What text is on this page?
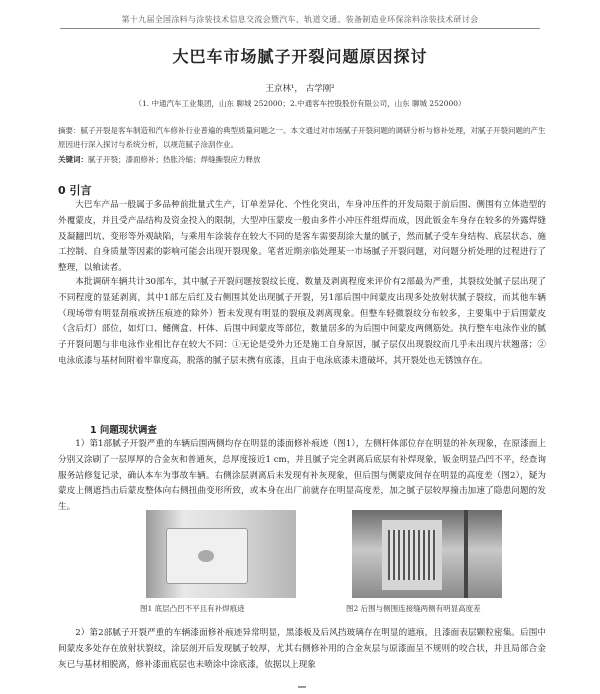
第十九届全国涂料与涂装技术信息交流会暨汽车、轨道交通、装备制造业环保涂料涂装技术研讨会
大巴车市场腻子开裂问题原因探讨
王京林¹， 古学刚²
（1. 中通汽车工业集团，山东 聊城 252000；2.中通客车控股股份有限公司，山东 聊城 252000）
摘要：腻子开裂是客车制造和汽车修补行业普遍的典型质量问题之一。本文通过对市场腻子开裂问题的调研分析与修补处理，对腻子开裂问题的产生原因进行深入探讨与系统分析，以规范腻子涂刮作业。
关键词：腻子开裂；漆面修补；热胀冷缩；焊缝撕裂应力释放
0 引言
大巴车产品一般属于多品种前批量式生产，订单差异化、个性化突出，车身冲压件的开发局限于前后围、侧围有立体造型的外覆蒙皮，并且受产品结构及资金投入的限制，大型冲压蒙皮一般由多件小冲压件组焊而成，因此钣金车身存在较多的外露焊缝及凝翻凹坑、变形等外观缺陷，与乘用车涂装存在较大不同的是客车需要刮涂大量的腻子，然而腻子受车身结构、底层状态、施工控制、自身质量等因素的影响可能会出现开裂现象。笔者近期亲临处理某一市场腻子开裂问题，对问题分析处理的过程进行了整理，以飨读者。
本批调研车辆共计30部车，其中腻子开裂问题按裂纹长度、数量及剥离程度来评价有2部最为严重，其裂纹处腻子层出现了不同程度的显延剥离，其中1部左后红及右侧围其处出现腻子开裂，另1部后围中间蒙皮出现多处放射状腻子裂纹，而其他车辆（现场带有明显刮痕或挤压痕迹的除外）暂未发现有明显的裂痕及剥离现象。但整车轻微裂纹分布较多，主要集中于后围蒙皮（含后灯）部位，如灯口、鳍侧盒、杆体、后围中间蒙皮等部位，数量居多的为后围中间蒙皮两侧筋处。执行整车电泳作业的腻子开裂问题与非电泳作业相比存在较大不同：①无论是受外力还是施工自身原因，腻子层仅出现裂纹而几乎未出现片状翘落；②电泳底漆与基材间附着牢靠度高，脱落的腻子层未携有底漆，且由于电泳底漆未遗破坏，其开裂处也无锈蚀存在。
1 问题现状调查
1）第1部腻子开裂严重的车辆后围两侧均存在明显的漆面修补痕迹（图1），左侧杆体部位存在明显的补灰现象，在原漆面上分别又涂刷了一层厚厚的合金灰和普通灰，总厚度接近1 cm，并且腻子完全剥离后底层有补焊现象，钣金明显凸凹不平，经查询服务站修复记录，确认本车为事故车辆。右侧涂层剥离后未发现有补灰现象，但后围与侧蒙皮间存在明显的高度差（图2），疑为蒙皮上侧遮挡击后蒙皮整体向右侧扭曲变形所致，或本身在出厂前就存在明显高度差，加之腻子层较厚撞击加速了隐患问题的发生。
图1 底层凸凹不平且有补焊痕迹	图2 后围与侧围连接缝两侧有明显高度差
2）第2部腻子开裂严重的车辆漆面修补痕迹异常明显，黑漆板及后风挡玻璃存在明显的遮痕，且漆面表层颗粒密集。后围中间蒙皮多处存在放射状裂纹，涂层剖开后发现腻子较厚，尤其右侧修补用的合金灰层与原漆面呈不规则的咬合状，并且局部合金灰已与基材相脱离，修补漆面底层也未喷涂中涂底漆，依据以上现象
